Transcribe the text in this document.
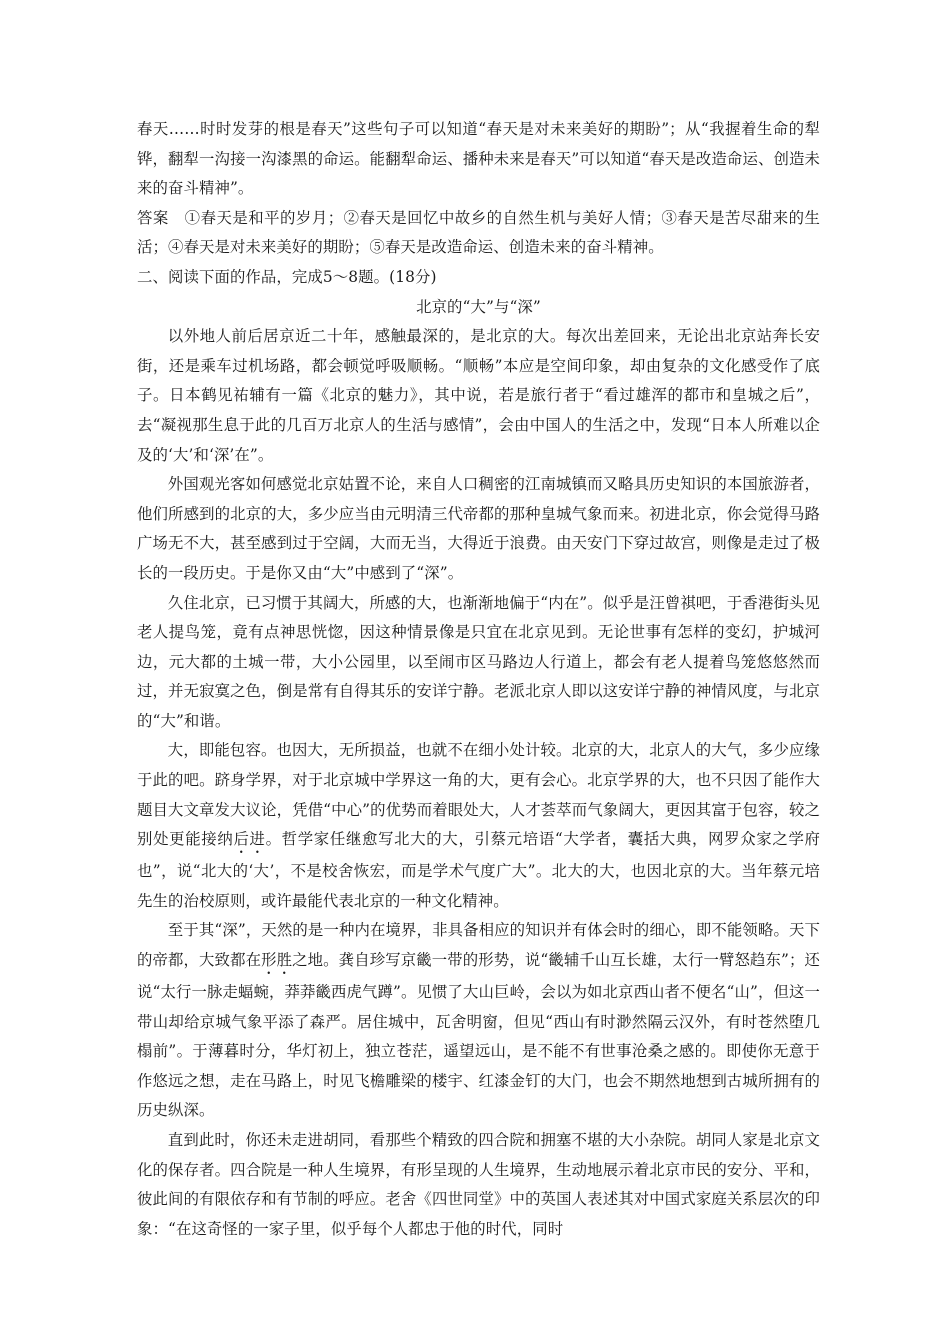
春天……时时发芽的根是春天”这些句子可以知道“春天是对未来美好的期盼”；从“我握着生命的犁铧，翻犁一沟接一沟漆黑的命运。能翻犁命运、播种未来是春天”可以知道“春天是改造命运、创造未来的奋斗精神”。

答案　①春天是和平的岁月；②春天是回忆中故乡的自然生机与美好人情；③春天是苦尽甜来的生活；④春天是对未来美好的期盼；⑤春天是改造命运、创造未来的奋斗精神。

二、阅读下面的作品，完成5～8题。(18分)

北京的“大”与“深”

以外地人前后居京近二十年，感触最深的，是北京的大。每次出差回来，无论出北京站奔长安街，还是乘车过机场路，都会顿觉呼吸顺畅。“顺畅”本应是空间印象，却由复杂的文化感受作了底子。日本鹤见祐辅有一篇《北京的魅力》，其中说，若是旅行者于“看过雄浑的都市和皇城之后”，去“凝视那生息于此的几百万北京人的生活与感情”，会由中国人的生活之中，发现“日本人所难以企及的‘大’和‘深’在”。

外国观光客如何感觉北京姑置不论，来自人口稠密的江南城镇而又略具历史知识的本国旅游者，他们所感到的北京的大，多少应当由元明清三代帝都的那种皇城气象而来。初进北京，你会觉得马路广场无不大，甚至感到过于空阔，大而无当，大得近于浪费。由天安门下穿过故宫，则像是走过了极长的一段历史。于是你又由“大”中感到了“深”。

久住北京，已习惯于其阔大，所感的大，也渐渐地偏于“内在”。似乎是汪曾祺吧，于香港街头见老人提鸟笼，竟有点神思恍惚，因这种情景像是只宜在北京见到。无论世事有怎样的变幻，护城河边，元大都的土城一带，大小公园里，以至闹市区马路边人行道上，都会有老人提着鸟笼悠悠然而过，并无寂寞之色，倒是常有自得其乐的安详宁静。老派北京人即以这安详宁静的神情风度，与北京的“大”和谐。

大，即能包容。也因大，无所损益，也就不在细小处计较。北京的大，北京人的大气，多少应缘于此的吧。跻身学界，对于北京城中学界这一角的大，更有会心。北京学界的大，也不只因了能作大题目大文章发大议论，凭借“中心”的优势而着眼处大，人才荟萃而气象阔大，更因其富于包容，较之别处更能接纳后进。哲学家任继愈写北大的大，引蔡元培语“大学者，囊括大典，网罗众家之学府也”，说“北大的‘大’，不是校舍恢宏，而是学术气度广大”。北大的大，也因北京的大。当年蔡元培先生的治校原则，或许最能代表北京的一种文化精神。

至于其“深”，天然的是一种内在境界，非具备相应的知识并有体会时的细心，即不能领略。天下的帝都，大致都在形胜之地。龚自珍写京畿一带的形势，说“畿辅千山互长雄，太行一臂怒趋东”；还说“太行一脉走蝠蜿，莽莽畿西虎气蹲”。见惯了大山巨岭，会以为如北京西山者不便名“山”，但这一带山却给京城气象平添了森严。居住城中，瓦舍明窗，但见“西山有时渺然隔云汉外，有时苍然堕几榻前”。于薄暮时分，华灯初上，独立苍茫，遥望远山，是不能不有世事沧桑之感的。即使你无意于作悠远之想，走在马路上，时见飞檐雕梁的楼宇、红漆金钉的大门，也会不期然地想到古城所拥有的历史纵深。

直到此时，你还未走进胡同，看那些个精致的四合院和拥塞不堪的大小杂院。胡同人家是北京文化的保存者。四合院是一种人生境界，有形呈现的人生境界，生动地展示着北京市民的安分、平和，彼此间的有限依存和有节制的呼应。老舍《四世同堂》中的英国人表述其对中国式家庭关系层次的印象：“在这奇怪的一家子里，似乎每个人都忠于他的时代，同时
